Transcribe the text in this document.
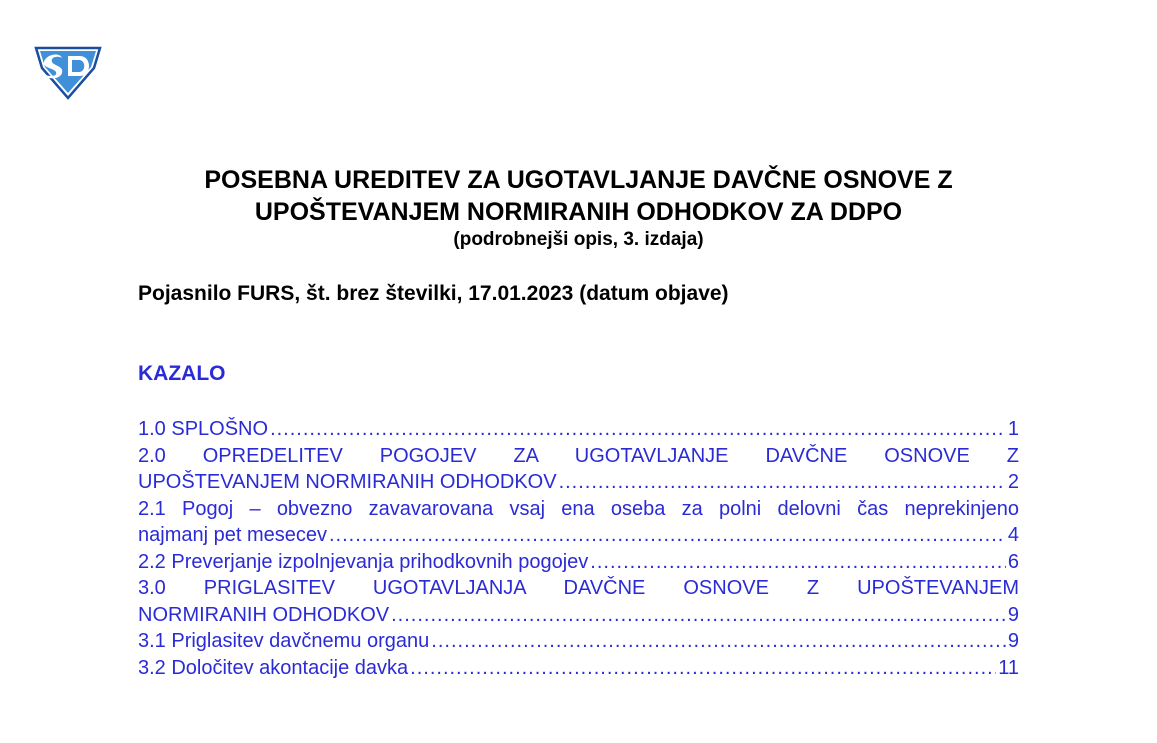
POSEBNA UREDITEV ZA UGOTAVLJANJE DAVČNE OSNOVE Z
UPOŠTEVANJEM NORMIRANIH ODHODKOV ZA DDPO
(podrobnejši opis, 3. izdaja)
Pojasnilo FURS, št. brez številki, 17.01.2023 (datum objave)
KAZALO
1.0 SPLOŠNO .....	1
2.0 OPREDELITEV POGOJEV ZA UGOTAVLJANJE DAVČNE OSNOVE Z
UPOŠTEVANJEM NORMIRANIH ODHODKOV .....	2
2.1 Pogoj – obvezno zavavarovana vsaj ena oseba za polni delovni čas neprekinjeno
najmanj pet mesecev .....	4
2.2 Preverjanje izpolnjevanja prihodkovnih pogojev .....	6
3.0 PRIGLASITEV UGOTAVLJANJA DAVČNE OSNOVE Z UPOŠTEVANJEM
NORMIRANIH ODHODKOV .....	9
3.1 Priglasitev davčnemu organu .....	9
3.2 Določitev akontacije davka .....	11
